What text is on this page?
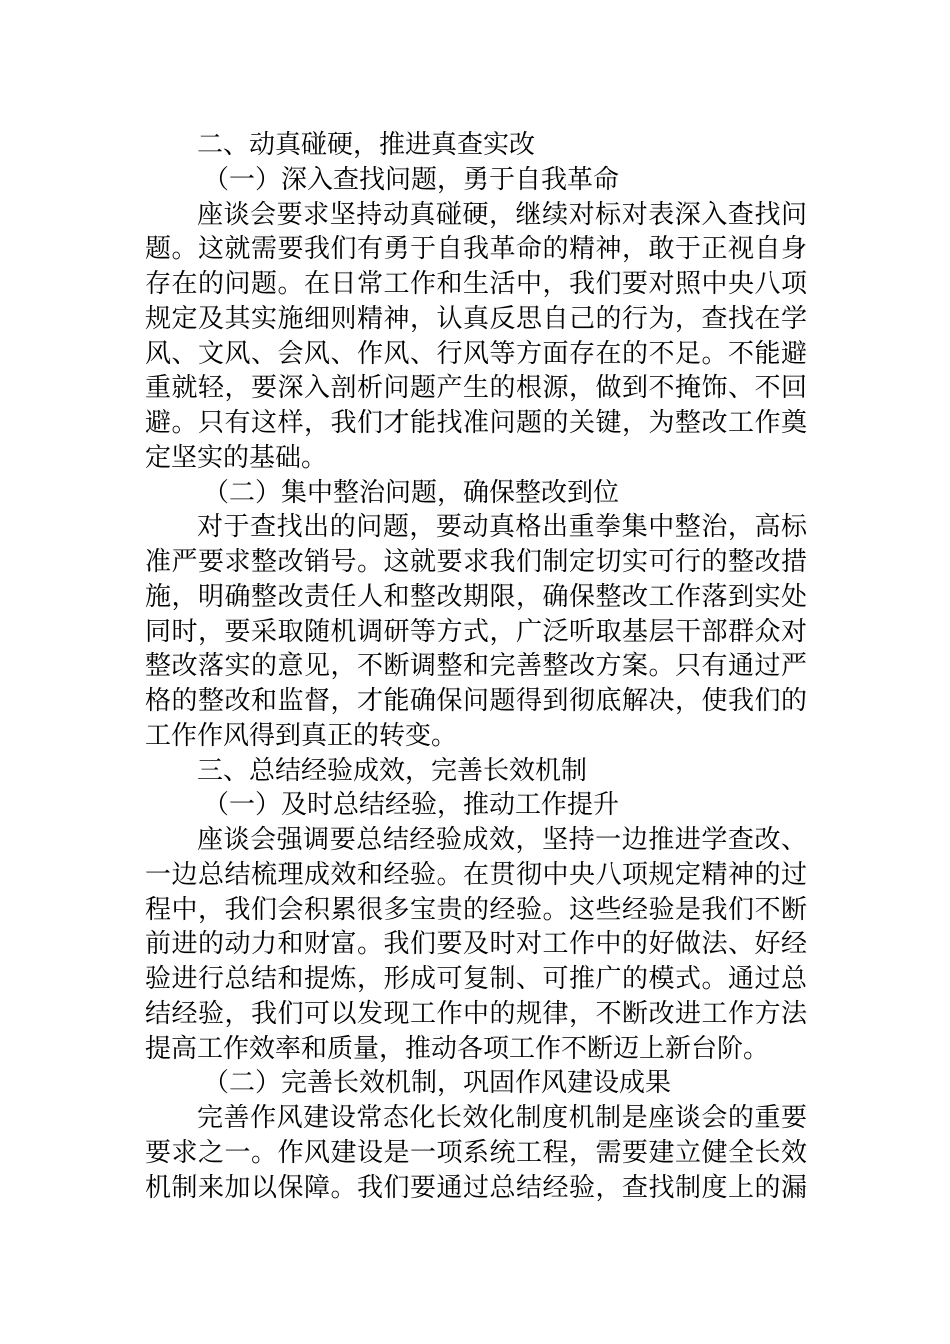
二、动真碰硬，推进真查实改
（一）深入查找问题，勇于自我革命
座谈会要求坚持动真碰硬，继续对标对表深入查找问
题。这就需要我们有勇于自我革命的精神，敢于正视自身
存在的问题。在日常工作和生活中，我们要对照中央八项
规定及其实施细则精神，认真反思自己的行为，查找在学
风、文风、会风、作风、行风等方面存在的不足。不能避
重就轻，要深入剖析问题产生的根源，做到不掩饰、不回
避。只有这样，我们才能找准问题的关键，为整改工作奠
定坚实的基础。
（二）集中整治问题，确保整改到位
对于查找出的问题，要动真格出重拳集中整治，高标
准严要求整改销号。这就要求我们制定切实可行的整改措
施，明确整改责任人和整改期限，确保整改工作落到实处
同时，要采取随机调研等方式，广泛听取基层干部群众对
整改落实的意见，不断调整和完善整改方案。只有通过严
格的整改和监督，才能确保问题得到彻底解决，使我们的
工作作风得到真正的转变。
三、总结经验成效，完善长效机制
（一）及时总结经验，推动工作提升
座谈会强调要总结经验成效，坚持一边推进学查改、
一边总结梳理成效和经验。在贯彻中央八项规定精神的过
程中，我们会积累很多宝贵的经验。这些经验是我们不断
前进的动力和财富。我们要及时对工作中的好做法、好经
验进行总结和提炼，形成可复制、可推广的模式。通过总
结经验，我们可以发现工作中的规律，不断改进工作方法
提高工作效率和质量，推动各项工作不断迈上新台阶。
（二）完善长效机制，巩固作风建设成果
完善作风建设常态化长效化制度机制是座谈会的重要
要求之一。作风建设是一项系统工程，需要建立健全长效
机制来加以保障。我们要通过总结经验，查找制度上的漏
